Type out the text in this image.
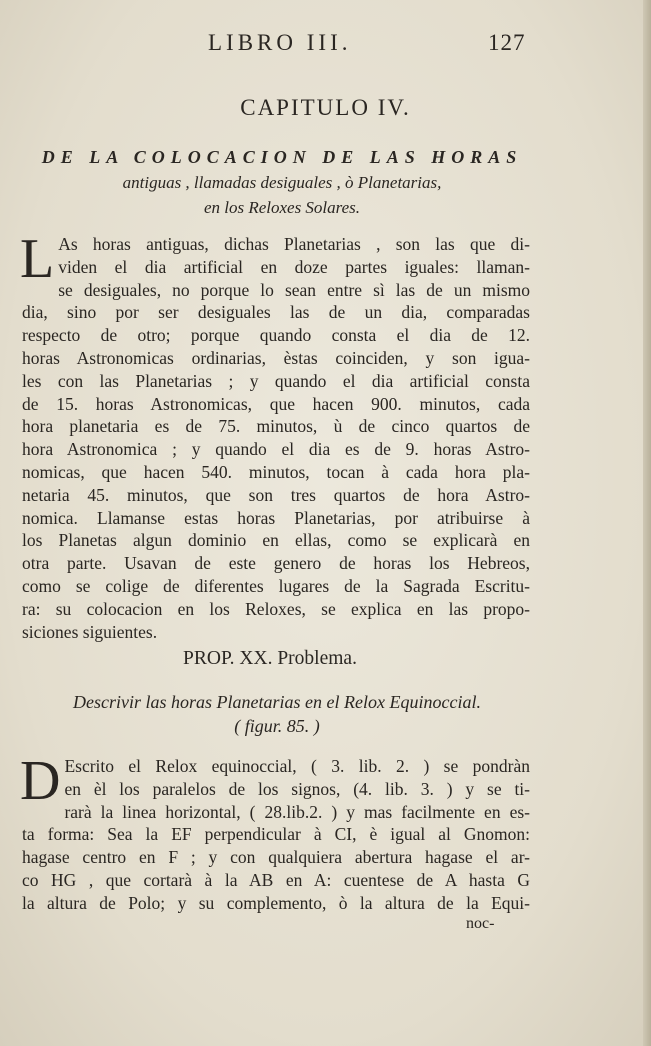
LIBRO III.	127
CAPITULO IV.
DE LA COLOCACION DE LAS HORAS
antiguas , llamadas desiguales , ò Planetarias,
en los Reloxes Solares.
L As horas antiguas, dichas Planetarias , son las que di-
viden el dia artificial en doze partes iguales: llaman-
se desiguales, no porque lo sean entre sì las de un mismo
dia, sino por ser desiguales las de un dia, comparadas
respecto de otro; porque quando consta el dia de 12.
horas Astronomicas ordinarias, èstas coinciden, y son igua-
les con las Planetarias ; y quando el dia artificial consta
de 15. horas Astronomicas, que hacen 900. minutos, cada
hora planetaria es de 75. minutos, ù de cinco quartos de
hora Astronomica ; y quando el dia es de 9. horas Astro-
nomicas, que hacen 540. minutos, tocan à cada hora pla-
netaria 45. minutos, que son tres quartos de hora Astro-
nomica. Llamanse estas horas Planetarias, por atribuirse à
los Planetas algun dominio en ellas, como se explicarà en
otra parte. Usavan de este genero de horas los Hebreos,
como se colige de diferentes lugares de la Sagrada Escritu-
ra: su colocacion en los Reloxes, se explica en las propo-
siciones siguientes.
PROP. XX. Problema.
Descrivir las horas Planetarias en el Relox Equinoccial.
( figur. 85. )
D Escrito el Relox equinoccial, ( 3. lib. 2. ) se pondràn
en èl los paralelos de los signos, (4. lib. 3. ) y se ti-
rarà la linea horizontal, ( 28.lib.2. ) y mas facilmente en es-
ta forma: Sea la EF perpendicular à CI, è igual al Gnomon:
hagase centro en F ; y con qualquiera abertura hagase el ar-
co HG , que cortarà à la AB en A: cuentese de A hasta G
la altura de Polo; y su complemento, ò la altura de la Equi-
noc-
